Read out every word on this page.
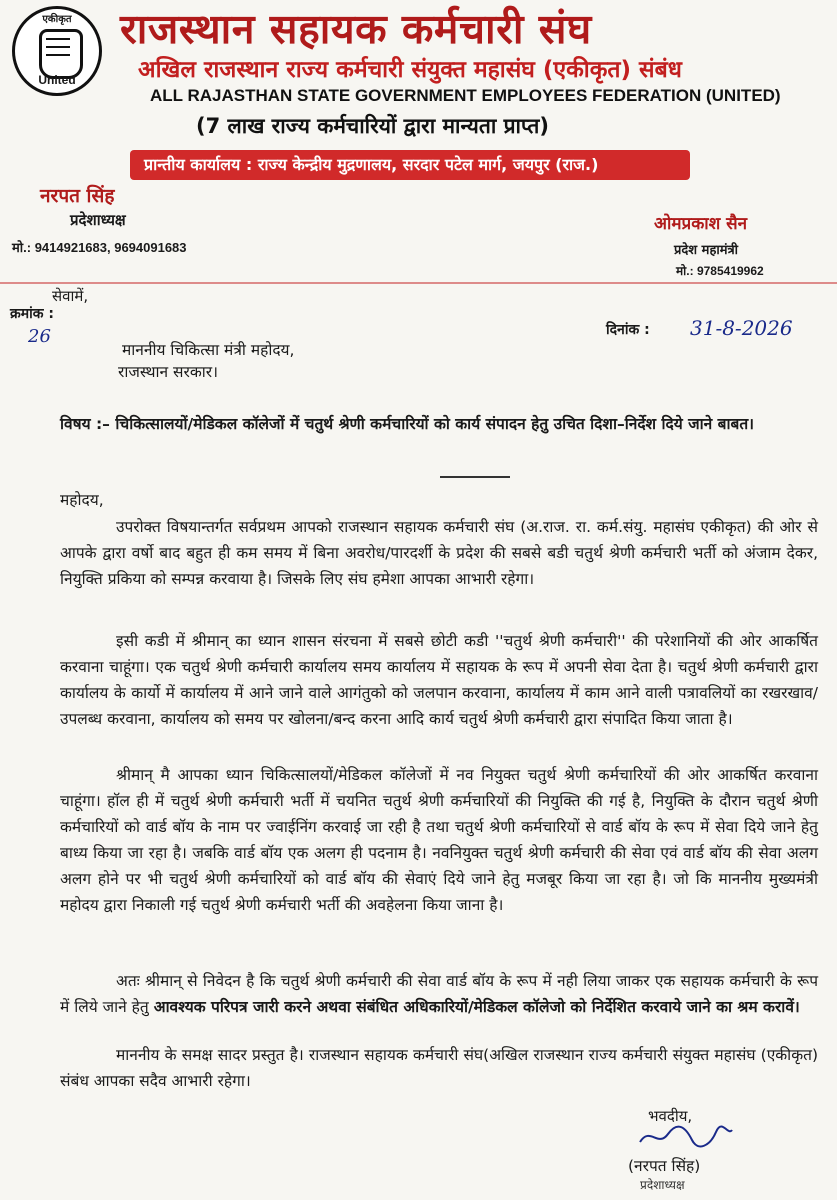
एकीकृत
United
राजस्थान सहायक कर्मचारी संघ
अखिल राजस्थान राज्य कर्मचारी संयुक्त महासंघ (एकीकृत) संबंध
ALL RAJASTHAN STATE GOVERNMENT EMPLOYEES FEDERATION (UNITED)
(7 लाख राज्य कर्मचारियों द्वारा मान्यता प्राप्त)
प्रान्तीय कार्यालय : राज्य केन्द्रीय मुद्रणालय, सरदार पटेल मार्ग, जयपुर (राज.)
नरपत सिंह
प्रदेशाध्यक्ष
मो.: 9414921683, 9694091683
ओमप्रकाश सैन
प्रदेश महामंत्री
मो.: 9785419962
सेवामें,
क्रमांक :
26	दिनांक : 31-8-2026
माननीय चिकित्सा मंत्री महोदय,
राजस्थान सरकार।
विषय :– चिकित्सालयों/मेडिकल कॉलेजों में चतुर्थ श्रेणी कर्मचारियों को कार्य संपादन हेतु उचित दिशा–निर्देश दिये जाने बाबत।
महोदय,

उपरोक्त विषयान्तर्गत सर्वप्रथम आपको राजस्थान सहायक कर्मचारी संघ (अ.राज. रा. कर्म.संयु. महासंघ एकीकृत) की ओर से आपके द्वारा वर्षो बाद बहुत ही कम समय में बिना अवरोध/पारदर्शी के प्रदेश की सबसे बडी चतुर्थ श्रेणी कर्मचारी भर्ती को अंजाम देकर, नियुक्ति प्रकिया को सम्पन्न करवाया है। जिसके लिए संघ हमेशा आपका आभारी रहेगा।

इसी कडी में श्रीमान् का ध्यान शासन संरचना में सबसे छोटी कडी ''चतुर्थ श्रेणी कर्मचारी'' की परेशानियों की ओर आकर्षित करवाना चाहूंगा। एक चतुर्थ श्रेणी कर्मचारी कार्यालय समय कार्यालय में सहायक के रूप में अपनी सेवा देता है। चतुर्थ श्रेणी कर्मचारी द्वारा कार्यालय के कार्यो में कार्यालय में आने जाने वाले आगंतुको को जलपान करवाना, कार्यालय में काम आने वाली पत्रावलियों का रखरखाव/उपलब्ध करवाना, कार्यालय को समय पर खोलना/बन्द करना आदि कार्य चतुर्थ श्रेणी कर्मचारी द्वारा संपादित किया जाता है।

श्रीमान् मै आपका ध्यान चिकित्सालयों/मेडिकल कॉलेजों में नव नियुक्त चतुर्थ श्रेणी कर्मचारियों की ओर आकर्षित करवाना चाहूंगा। हॉल ही में चतुर्थ श्रेणी कर्मचारी भर्ती में चयनित चतुर्थ श्रेणी कर्मचारियों की नियुक्ति की गई है, नियुक्ति के दौरान चतुर्थ श्रेणी कर्मचारियों को वार्ड बॉय के नाम पर ज्वाईनिंग करवाई जा रही है तथा चतुर्थ श्रेणी कर्मचारियों से वार्ड बॉय के रूप में सेवा दिये जाने हेतु बाध्य किया जा रहा है। जबकि वार्ड बॉय एक अलग ही पदनाम है। नवनियुक्त चतुर्थ श्रेणी कर्मचारी की सेवा एवं वार्ड बॉय की सेवा अलग अलग होने पर भी चतुर्थ श्रेणी कर्मचारियों को वार्ड बॉय की सेवाएं दिये जाने हेतु मजबूर किया जा रहा है। जो कि माननीय मुख्यमंत्री महोदय द्वारा निकाली गई चतुर्थ श्रेणी कर्मचारी भर्ती की अवहेलना किया जाना है।

अतः श्रीमान् से निवेदन है कि चतुर्थ श्रेणी कर्मचारी की सेवा वार्ड बॉय के रूप में नही लिया जाकर एक सहायक कर्मचारी के रूप में लिये जाने हेतु आवश्यक परिपत्र जारी करने अथवा संबंधित अधिकारियों/मेडिकल कॉलेजो को निर्देशित करवाये जाने का श्रम करावें।

माननीय के समक्ष सादर प्रस्तुत है। राजस्थान सहायक कर्मचारी संघ(अखिल राजस्थान राज्य कर्मचारी संयुक्त महासंघ (एकीकृत) संबंध आपका सदैव आभारी रहेगा।

भवदीय,
(नरपत सिंह)
प्रदेशाध्यक्ष
